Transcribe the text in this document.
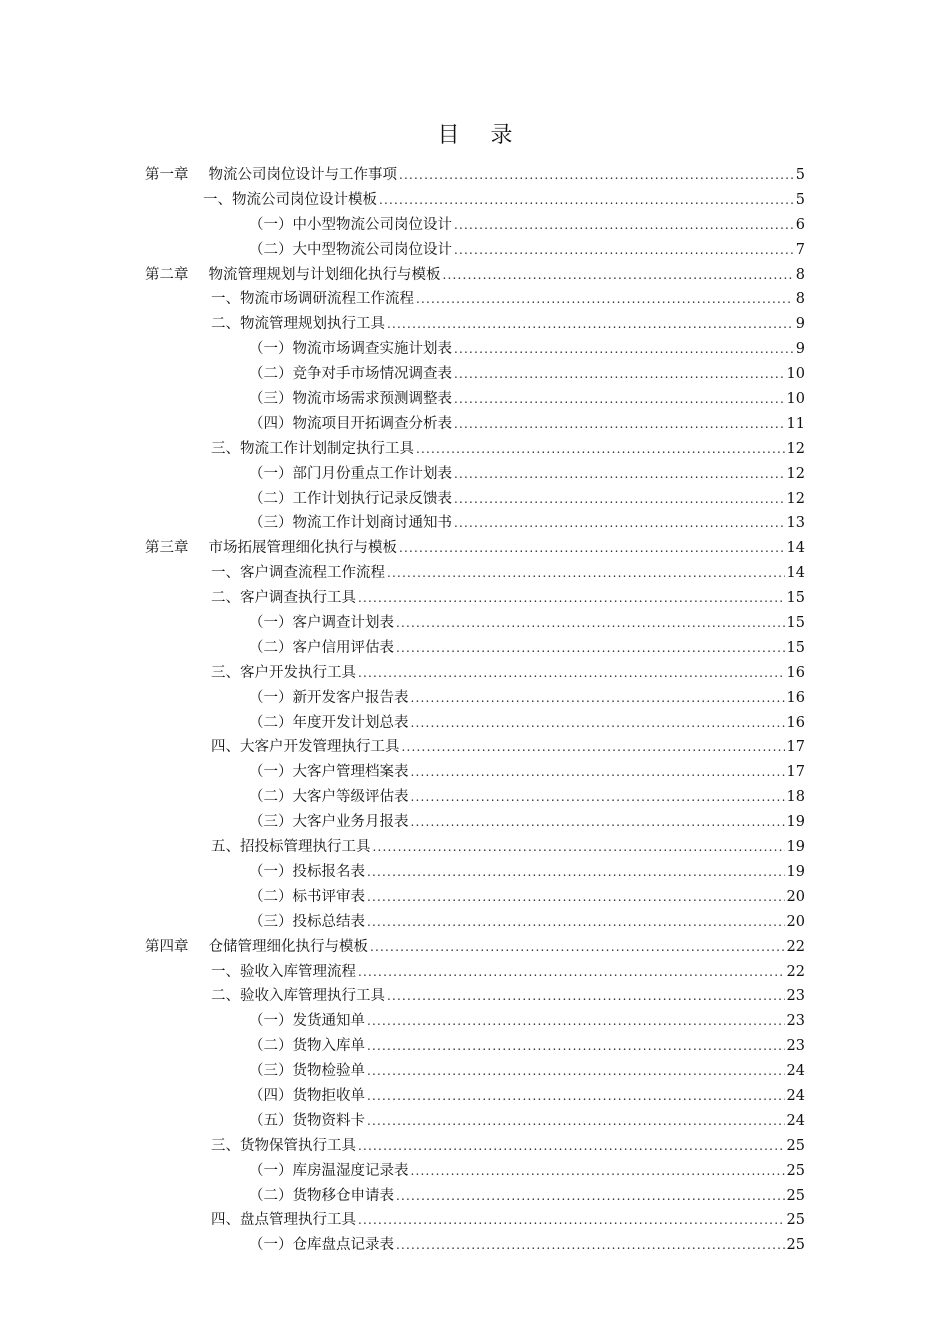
目 录
第一章 物流公司岗位设计与工作事项 .....	5
一、物流公司岗位设计模板 .....	5
（一）中小型物流公司岗位设计 .....	6
（二）大中型物流公司岗位设计 .....	7
第二章 物流管理规划与计划细化执行与模板 .....	8
一、物流市场调研流程工作流程 .....	8
二、物流管理规划执行工具 .....	9
（一）物流市场调查实施计划表 .....	9
（二）竞争对手市场情况调查表 .....	10
（三）物流市场需求预测调整表 .....	10
（四）物流项目开拓调查分析表 .....	11
三、物流工作计划制定执行工具 .....	12
（一）部门月份重点工作计划表 .....	12
（二）工作计划执行记录反馈表 .....	12
（三）物流工作计划商讨通知书 .....	13
第三章 市场拓展管理细化执行与模板 .....	14
一、客户调查流程工作流程 .....	14
二、客户调查执行工具 .....	15
（一）客户调查计划表 .....	15
（二）客户信用评估表 .....	15
三、客户开发执行工具 .....	16
（一）新开发客户报告表 .....	16
（二）年度开发计划总表 .....	16
四、大客户开发管理执行工具 .....	17
（一）大客户管理档案表 .....	17
（二）大客户等级评估表 .....	18
（三）大客户业务月报表 .....	19
五、招投标管理执行工具 .....	19
（一）投标报名表 .....	19
（二）标书评审表 .....	20
（三）投标总结表 .....	20
第四章 仓储管理细化执行与模板 .....	22
一、验收入库管理流程 .....	22
二、验收入库管理执行工具 .....	23
（一）发货通知单 .....	23
（二）货物入库单 .....	23
（三）货物检验单 .....	24
（四）货物拒收单 .....	24
（五）货物资料卡 .....	24
三、货物保管执行工具 .....	25
（一）库房温湿度记录表 .....	25
（二）货物移仓申请表 .....	25
四、盘点管理执行工具 .....	25
（一）仓库盘点记录表 .....	25
